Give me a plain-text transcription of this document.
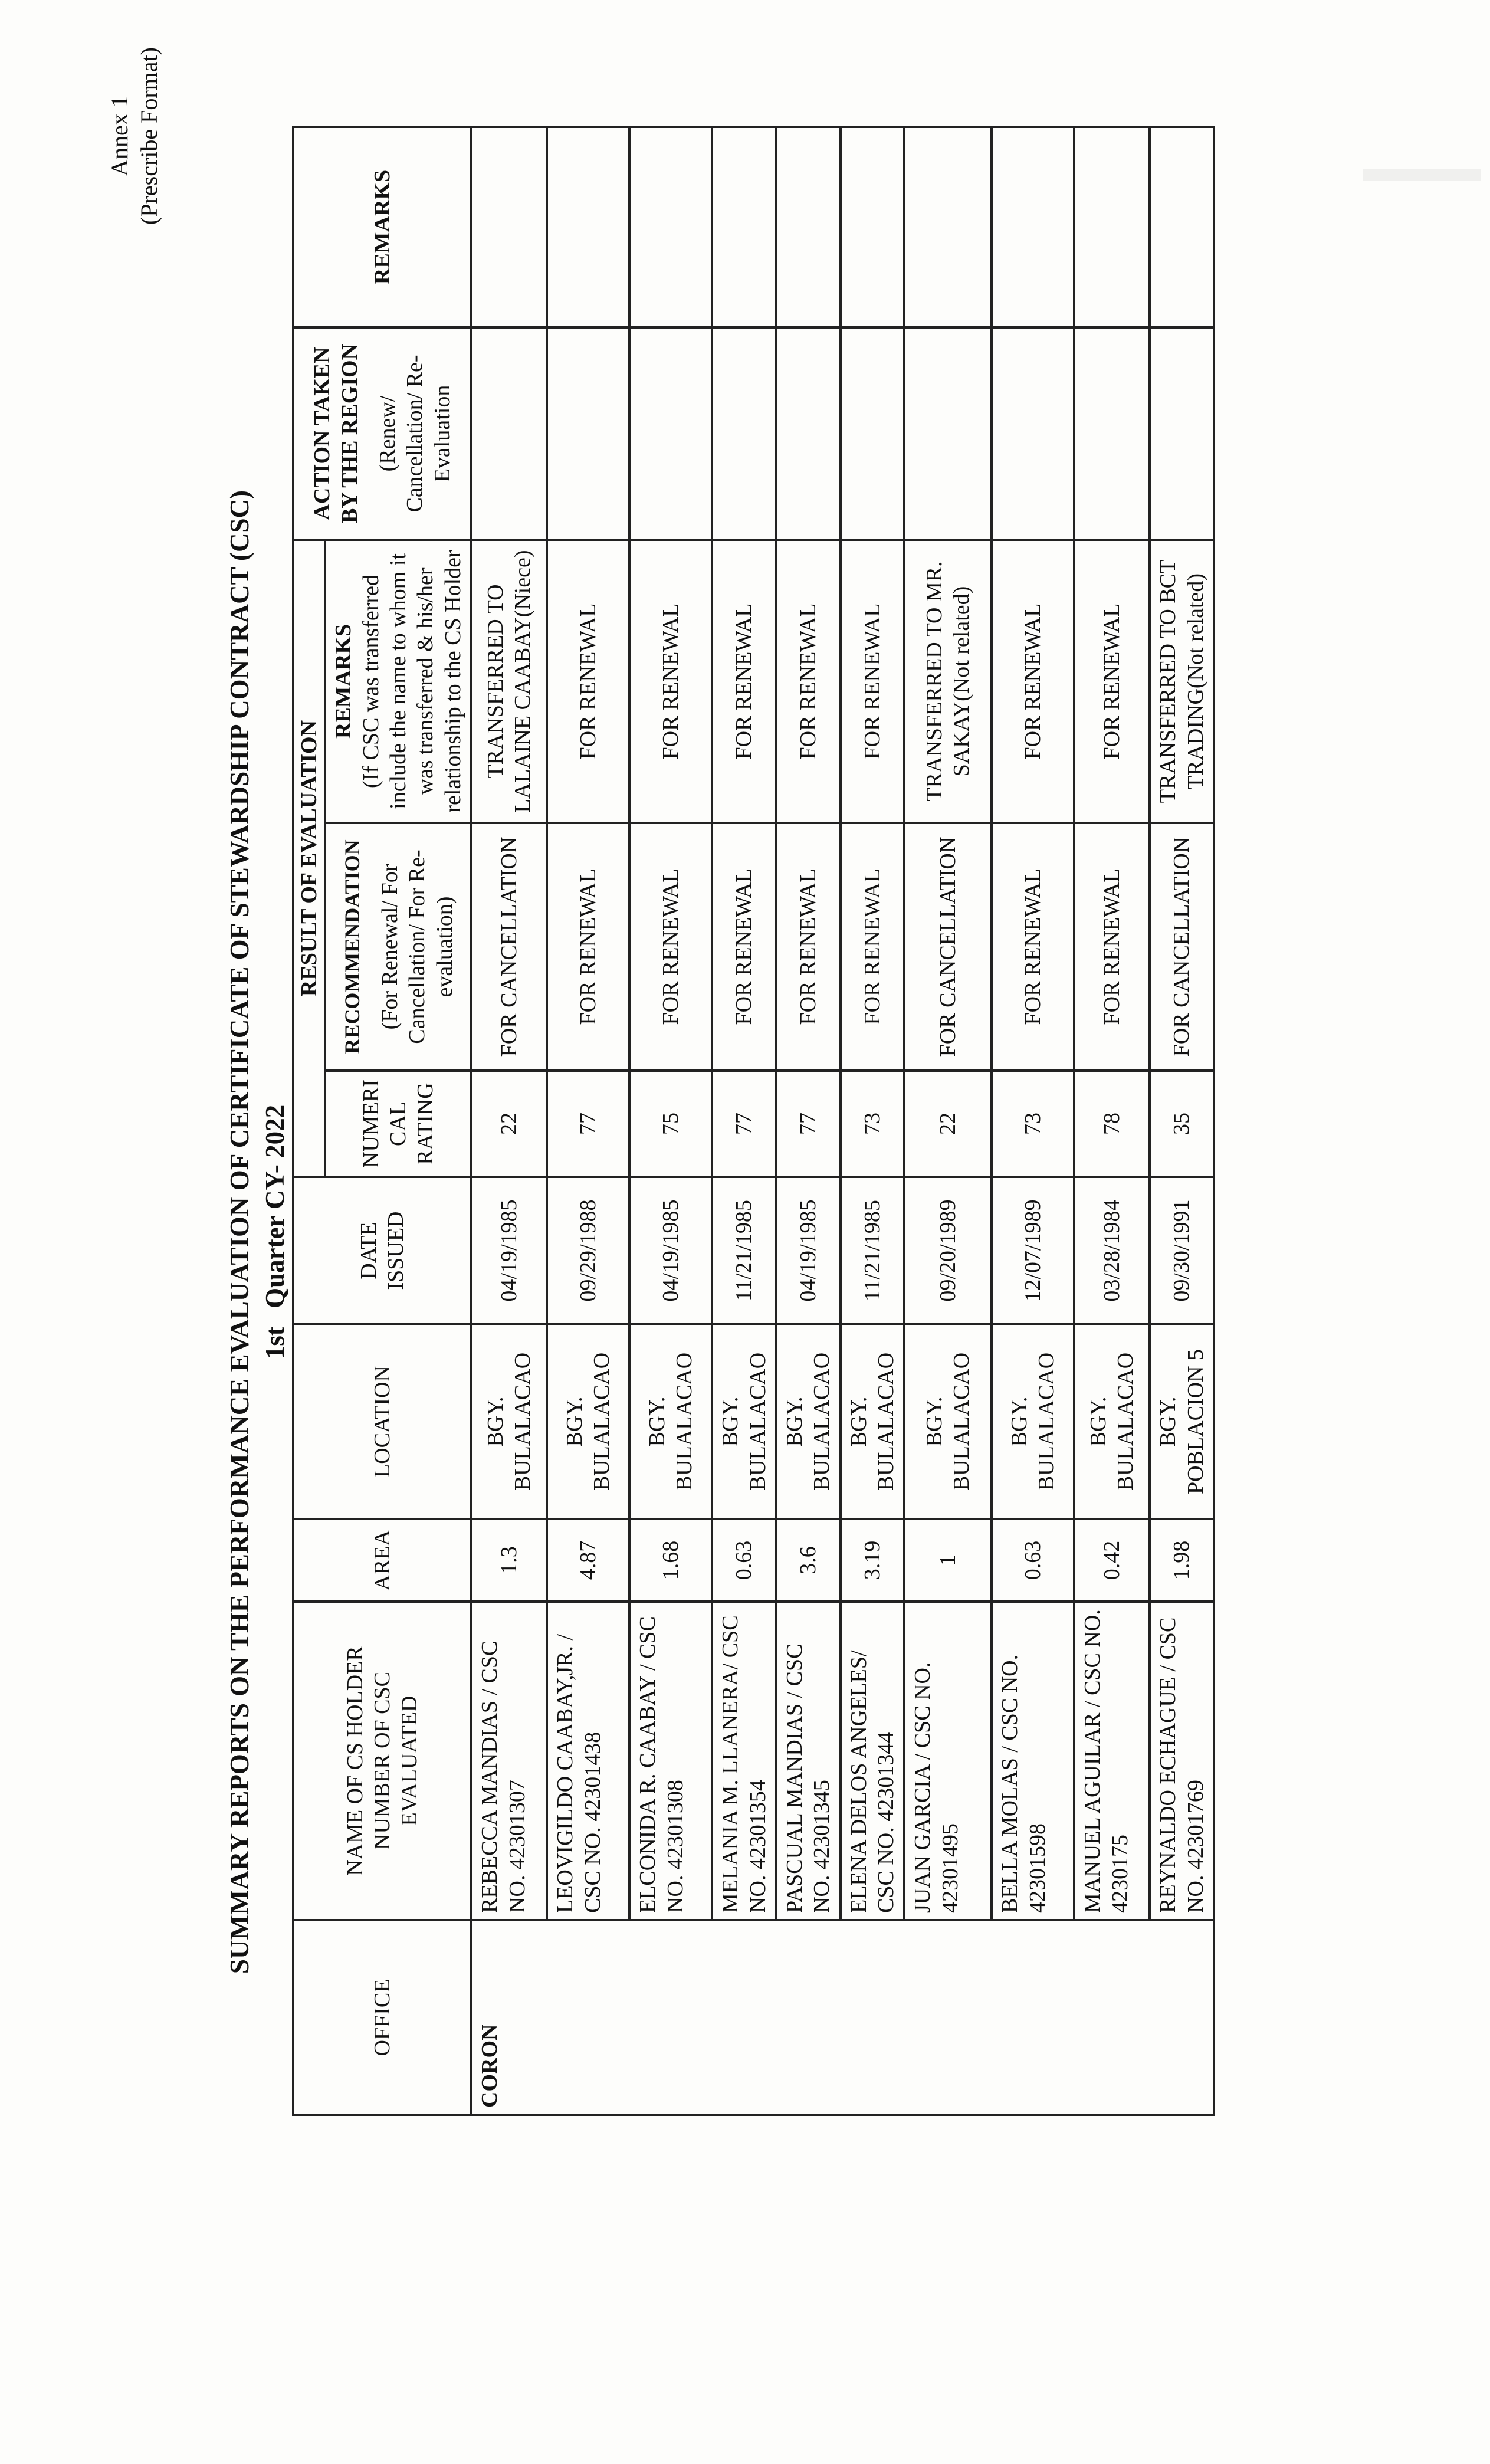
Annex 1 (Prescribe Format)
SUMMARY REPORTS ON THE PERFORMANCE EVALUATION OF CERTIFICATE OF STEWARDSHIP CONTRACT (CSC) 1st Quarter CY- 2022
OFFICE	NAME OF CS HOLDER NUMBER OF CSC EVALUATED	AREA	LOCATION	DATE ISSUED	RESULT OF EVALUATION			ACTION TAKEN BY THE REGION (Renew/ Cancellation/ Re-Evaluation	REMARKS
					NUMERI CAL RATING	RECOMMENDATION (For Renewal/ For Cancellation/ For Re-evaluation)	REMARKS (If CSC was transferred include the name to whom it was transferred & his/her relationship to the CS Holder		

CORON	REBECCA MANDIAS / CSC NO. 42301307	1.3	BGY. BULALACAO	04/19/1985	22	FOR CANCELLATION	TRANSFERRED TO LALAINE CAABAY(Niece)		
	LEOVIGILDO CAABAY,JR. / CSC NO. 42301438	4.87	BGY. BULALACAO	09/29/1988	77	FOR RENEWAL	FOR RENEWAL		
	ELCONIDA R. CAABAY / CSC NO. 42301308	1.68	BGY. BULALACAO	04/19/1985	75	FOR RENEWAL	FOR RENEWAL		
	MELANIA M. LLANERA/ CSC NO. 42301354	0.63	BGY. BULALACAO	11/21/1985	77	FOR RENEWAL	FOR RENEWAL		
	PASCUAL MANDIAS / CSC NO. 42301345	3.6	BGY. BULALACAO	04/19/1985	77	FOR RENEWAL	FOR RENEWAL		
	ELENA DELOS ANGELES/ CSC NO. 42301344	3.19	BGY. BULALACAO	11/21/1985	73	FOR RENEWAL	FOR RENEWAL		
	JUAN GARCIA / CSC NO. 42301495	1	BGY. BULALACAO	09/20/1989	22	FOR CANCELLATION	TRANSFERRED TO MR. SAKAY(Not related)		
	BELLA MOLAS / CSC NO. 42301598	0.63	BGY. BULALACAO	12/07/1989	73	FOR RENEWAL	FOR RENEWAL		
	MANUEL AGUILAR / CSC NO. 4230175	0.42	BGY. BULALACAO	03/28/1984	78	FOR RENEWAL	FOR RENEWAL		
	REYNALDO ECHAGUE / CSC NO. 42301769	1.98	BGY. POBLACION 5	09/30/1991	35	FOR CANCELLATION	TRANSFERRED TO BCT TRADING(Not related)		
